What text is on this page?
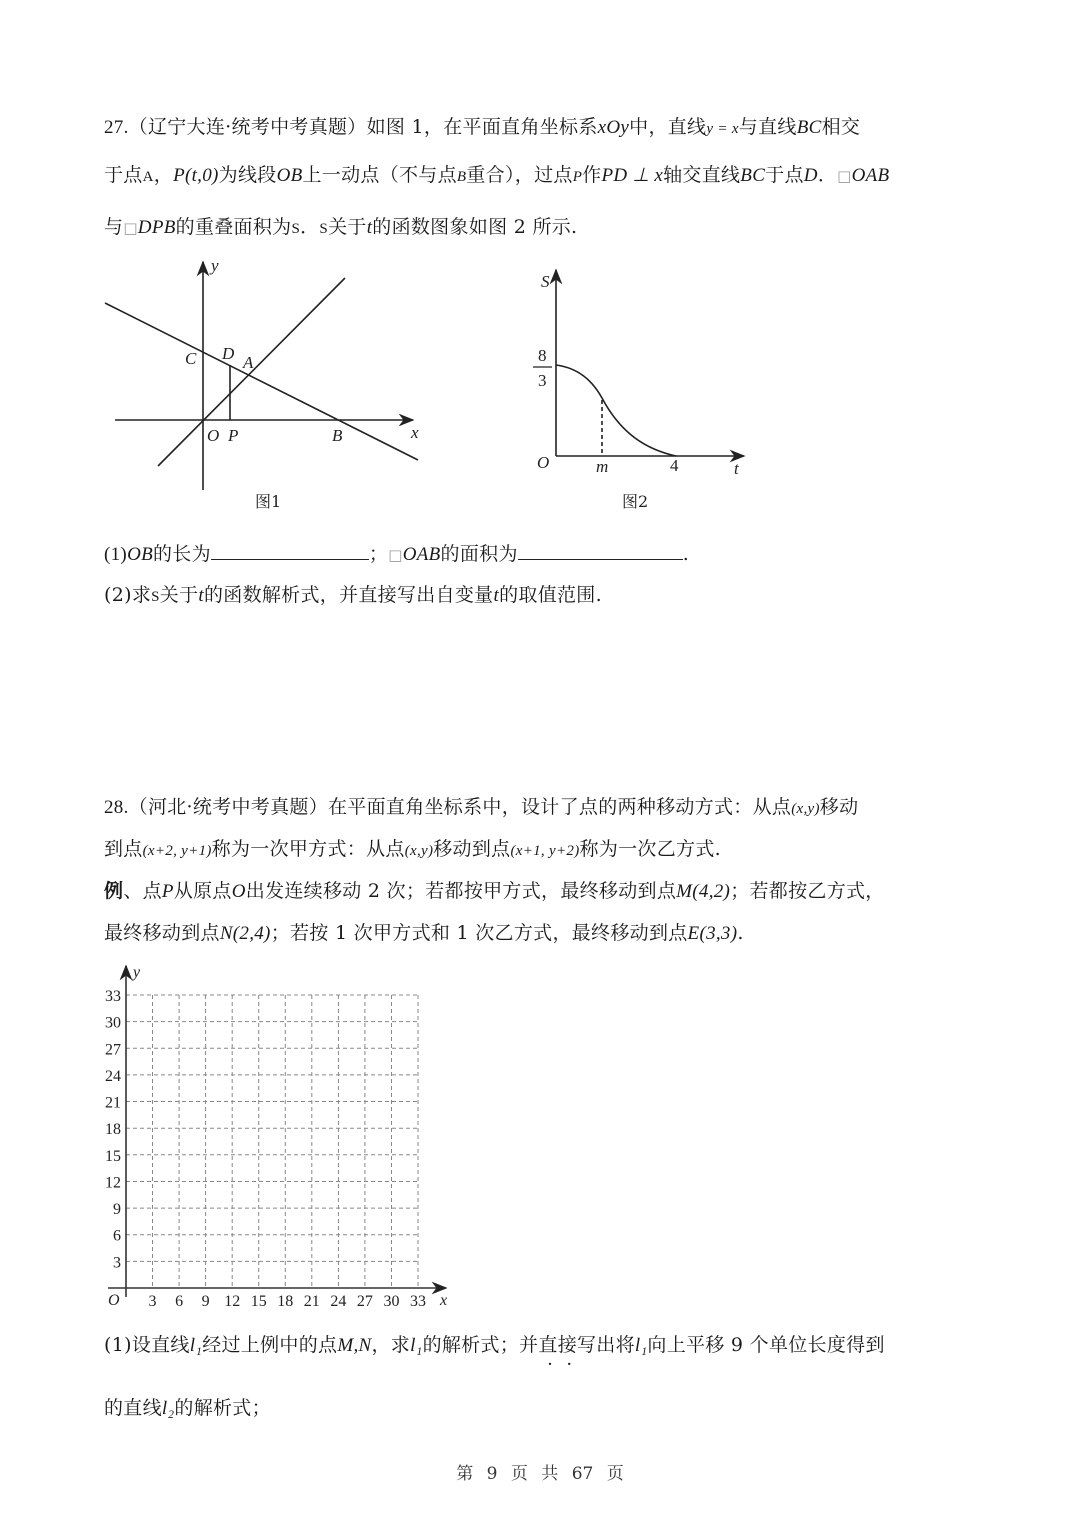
27.（辽宁大连·统考中考真题）如图 1，在平面直角坐标系xOy中，直线y = x与直线BC相交
于点A，P(t,0)为线段OB上一动点（不与点B重合），过点P作PD ⊥ x轴交直线BC于点D．□OAB
与□DPB的重叠面积为S．S关于t的函数图象如图 2 所示.
y
x
C D A
O P	B
图1
S
8
3
O	m	4	t
图2
33
30
27
24
21
18
15
12
9
6
3
3 6 9 12 15 18 21 24 27 30 33
y
x
O
(1)OB的长为	；□OAB的面积为	.
(2)求S关于t的函数解析式，并直接写出自变量t的取值范围.
28.（河北·统考中考真题）在平面直角坐标系中，设计了点的两种移动方式：从点(x,y)移动
到点(x+2, y+1)称为一次甲方式：从点(x,y)移动到点(x+1, y+2)称为一次乙方式.
例、点P从原点O出发连续移动 2 次；若都按甲方式，最终移动到点M(4,2)；若都按乙方式，
最终移动到点N(2,4)；若按 1 次甲方式和 1 次乙方式，最终移动到点E(3,3).
(1)设直线l₁经过上例中的点M,N，求l₁的解析式；并直接写出将l₁向上平移 9 个单位长度得到
的直线l₂的解析式；
第 9 页 共 67 页
